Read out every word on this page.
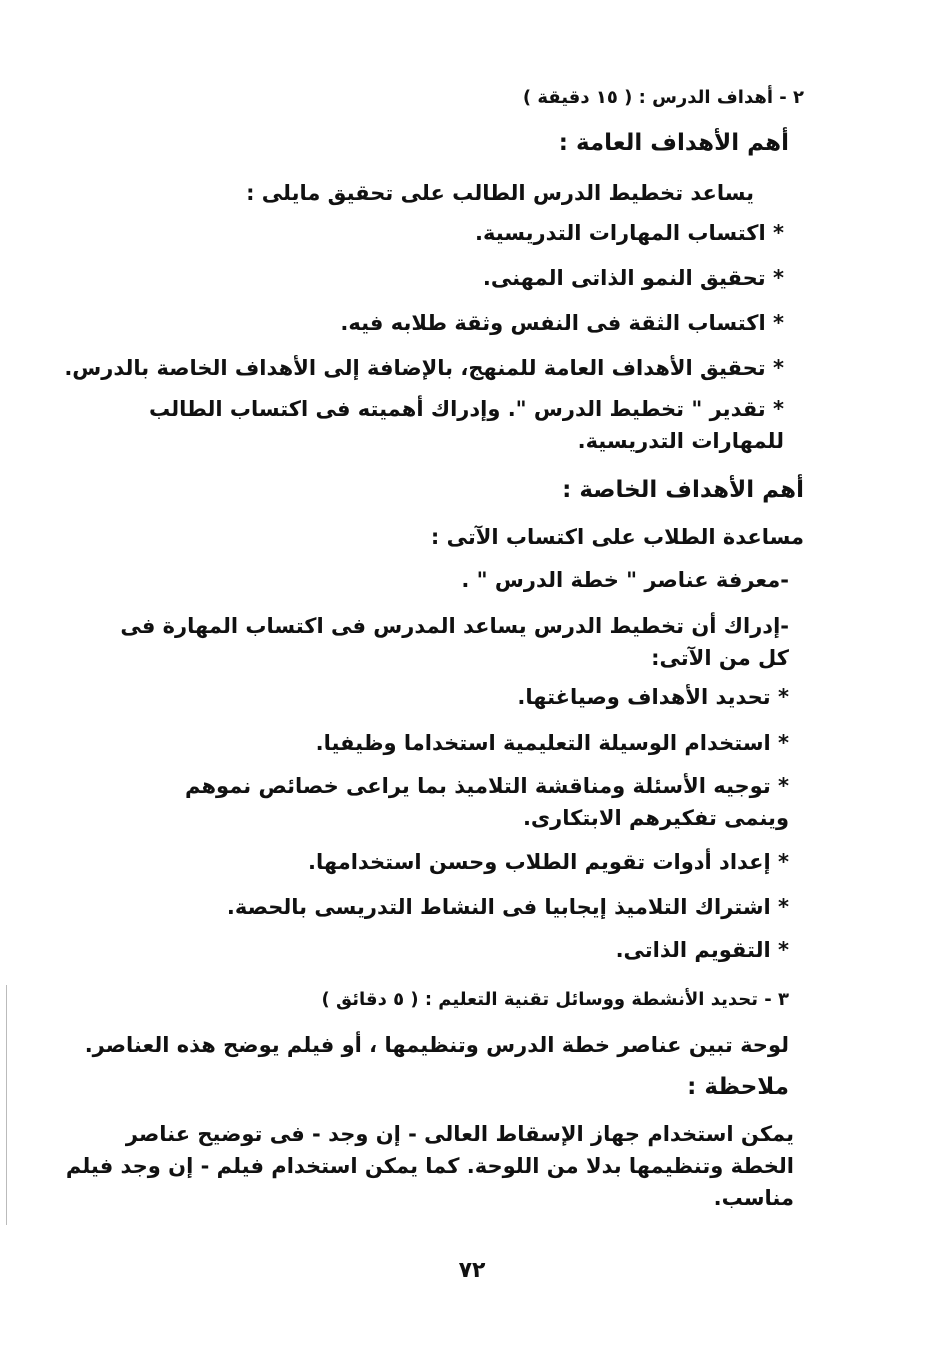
٢ - أهداف الدرس : ( ١٥ دقيقة )

أهم الأهداف العامة :

يساعد تخطيط الدرس الطالب على تحقيق مايلى :

* اكتساب المهارات التدريسية.

* تحقيق النمو الذاتى المهنى.

* اكتساب الثقة فى النفس وثقة طلابه فيه.

* تحقيق الأهداف العامة للمنهج، بالإضافة إلى الأهداف الخاصة بالدرس.

* تقدير " تخطيط الدرس ". وإدراك أهميته فى اكتساب الطالب للمهارات التدريسية.

أهم الأهداف الخاصة :

مساعدة الطلاب على اكتساب الآتى :

-معرفة عناصر " خطة الدرس " .

-إدراك أن تخطيط الدرس يساعد المدرس فى اكتساب المهارة فى كل من الآتى:

* تحديد الأهداف وصياغتها.

* استخدام الوسيلة التعليمية استخداما وظيفيا.

* توجيه الأسئلة ومناقشة التلاميذ بما يراعى خصائص نموهم وينمى تفكيرهم الابتكارى.

* إعداد أدوات تقويم الطلاب وحسن استخدامها.

* اشتراك التلاميذ إيجابيا فى النشاط التدريسى بالحصة.

* التقويم الذاتى.

٣ - تحديد الأنشطة ووسائل تقنية التعليم : ( ٥ دقائق )

لوحة تبين عناصر خطة الدرس وتنظيمها ، أو فيلم يوضح هذه العناصر.

ملاحظة :

يمكن استخدام جهاز الإسقاط العالى - إن وجد - فى توضيح عناصر الخطة وتنظيمها بدلا من اللوحة. كما يمكن استخدام فيلم - إن وجد فيلم مناسب.

٧٢
